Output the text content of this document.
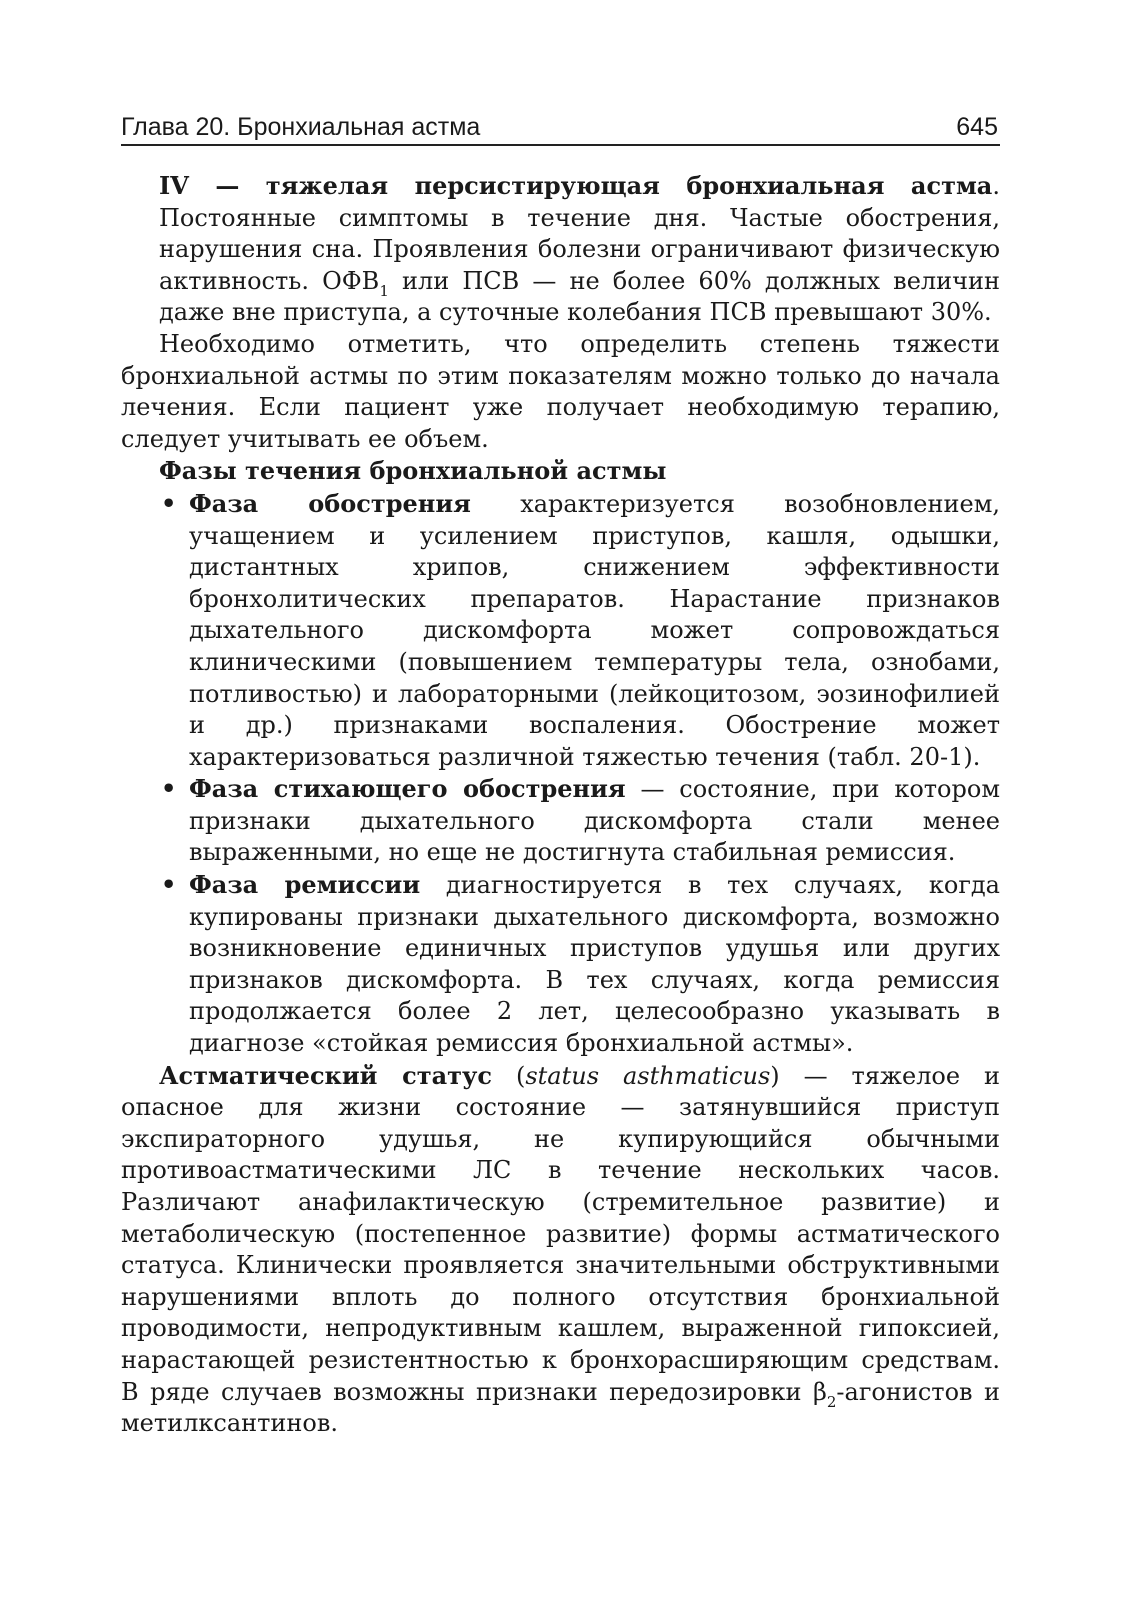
Глава 20. Бронхиальная астма	645

IV — тяжелая персистирующая бронхиальная астма. Постоянные симптомы в течение дня. Частые обострения, нарушения сна. Проявления болезни ограничивают физическую активность. $ОФВ_1$ или ПСВ — не более 60% должных величин даже вне приступа, а суточные колебания ПСВ превышают 30%.

Необходимо отметить, что определить степень тяжести бронхиальной астмы по этим показателям можно только до начала лечения. Если пациент уже получает необходимую терапию, следует учитывать ее объем.

Фазы течения бронхиальной астмы

• Фаза обострения характеризуется возобновлением, учащением и усилением приступов, кашля, одышки, дистантных хрипов, снижением эффективности бронхолитических препаратов. Нарастание признаков дыхательного дискомфорта может сопровождаться клиническими (повышением температуры тела, ознобами, потливостью) и лабораторными (лейкоцитозом, эозинофилией и др.) признаками воспаления. Обострение может характеризоваться различной тяжестью течения (табл. 20-1).
• Фаза стихающего обострения — состояние, при котором признаки дыхательного дискомфорта стали менее выраженными, но еще не достигнута стабильная ремиссия.
• Фаза ремиссии диагностируется в тех случаях, когда купированы признаки дыхательного дискомфорта, возможно возникновение единичных приступов удушья или других признаков дискомфорта. В тех случаях, когда ремиссия продолжается более 2 лет, целесообразно указывать в диагнозе «стойкая ремиссия бронхиальной астмы».

Астматический статус (status asthmaticus) — тяжелое и опасное для жизни состояние — затянувшийся приступ экспираторного удушья, не купирующийся обычными противоастматическими ЛС в течение нескольких часов. Различают анафилактическую (стремительное развитие) и метаболическую (постепенное развитие) формы астматического статуса. Клинически проявляется значительными обструктивными нарушениями вплоть до полного отсутствия бронхиальной проводимости, непродуктивным кашлем, выраженной гипоксией, нарастающей резистентностью к бронхорасширяющим средствам. В ряде случаев возможны признаки передозировки $\beta_2$-агонистов и метилксантинов.
